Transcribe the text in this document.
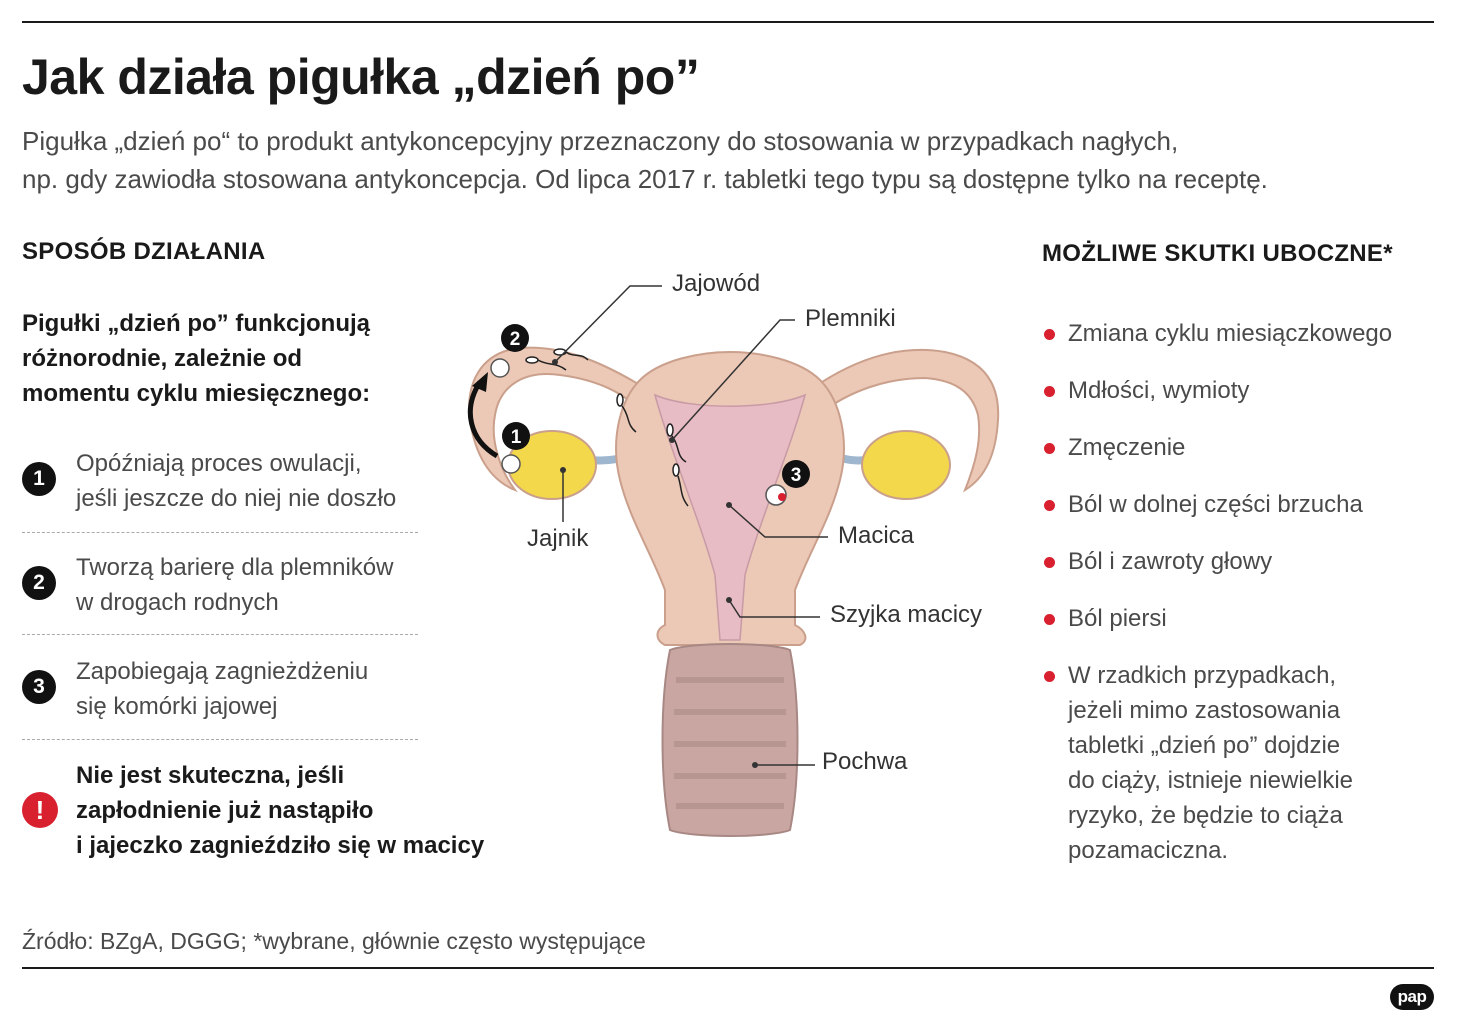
Jak działa pigułka „dzień po”
Pigułka „dzień po“ to produkt antykoncepcyjny przeznaczony do stosowania w przypadkach nagłych,
np. gdy zawiodła stosowana antykoncepcja. Od lipca 2017 r. tabletki tego typu są dostępne tylko na receptę.
SPOSÓB DZIAŁANIA	MOŻLIWE SKUTKI UBOCZNE*
Pigułki „dzień po” funkcjonują
różnorodnie, zależnie od
momentu cyklu miesięcznego:
1
Opóźniają proces owulacji,
jeśli jeszcze do niej nie doszło
2
Tworzą barierę dla plemników
w drogach rodnych
3
Zapobiegają zagnieżdżeniu
się komórki jajowej
!
Nie jest skuteczna, jeśli
zapłodnienie już nastąpiło
i jajeczko zagnieździło się w macicy
Zmiana cyklu miesiączkowego
Mdłości, wymioty
Zmęczenie
Ból w dolnej części brzucha
Ból i zawroty głowy
Ból piersi
W rzadkich przypadkach,
jeżeli mimo zastosowania
tabletki „dzień po” dojdzie
do ciąży, istnieje niewielkie
ryzyko, że będzie to ciąża
pozamaciczna.
2
1
3
Jajowód
Plemniki
Jajnik	Macica
Szyjka macicy
Pochwa
Źródło: BZgA, DGGG; *wybrane, głównie często występujące
pap
